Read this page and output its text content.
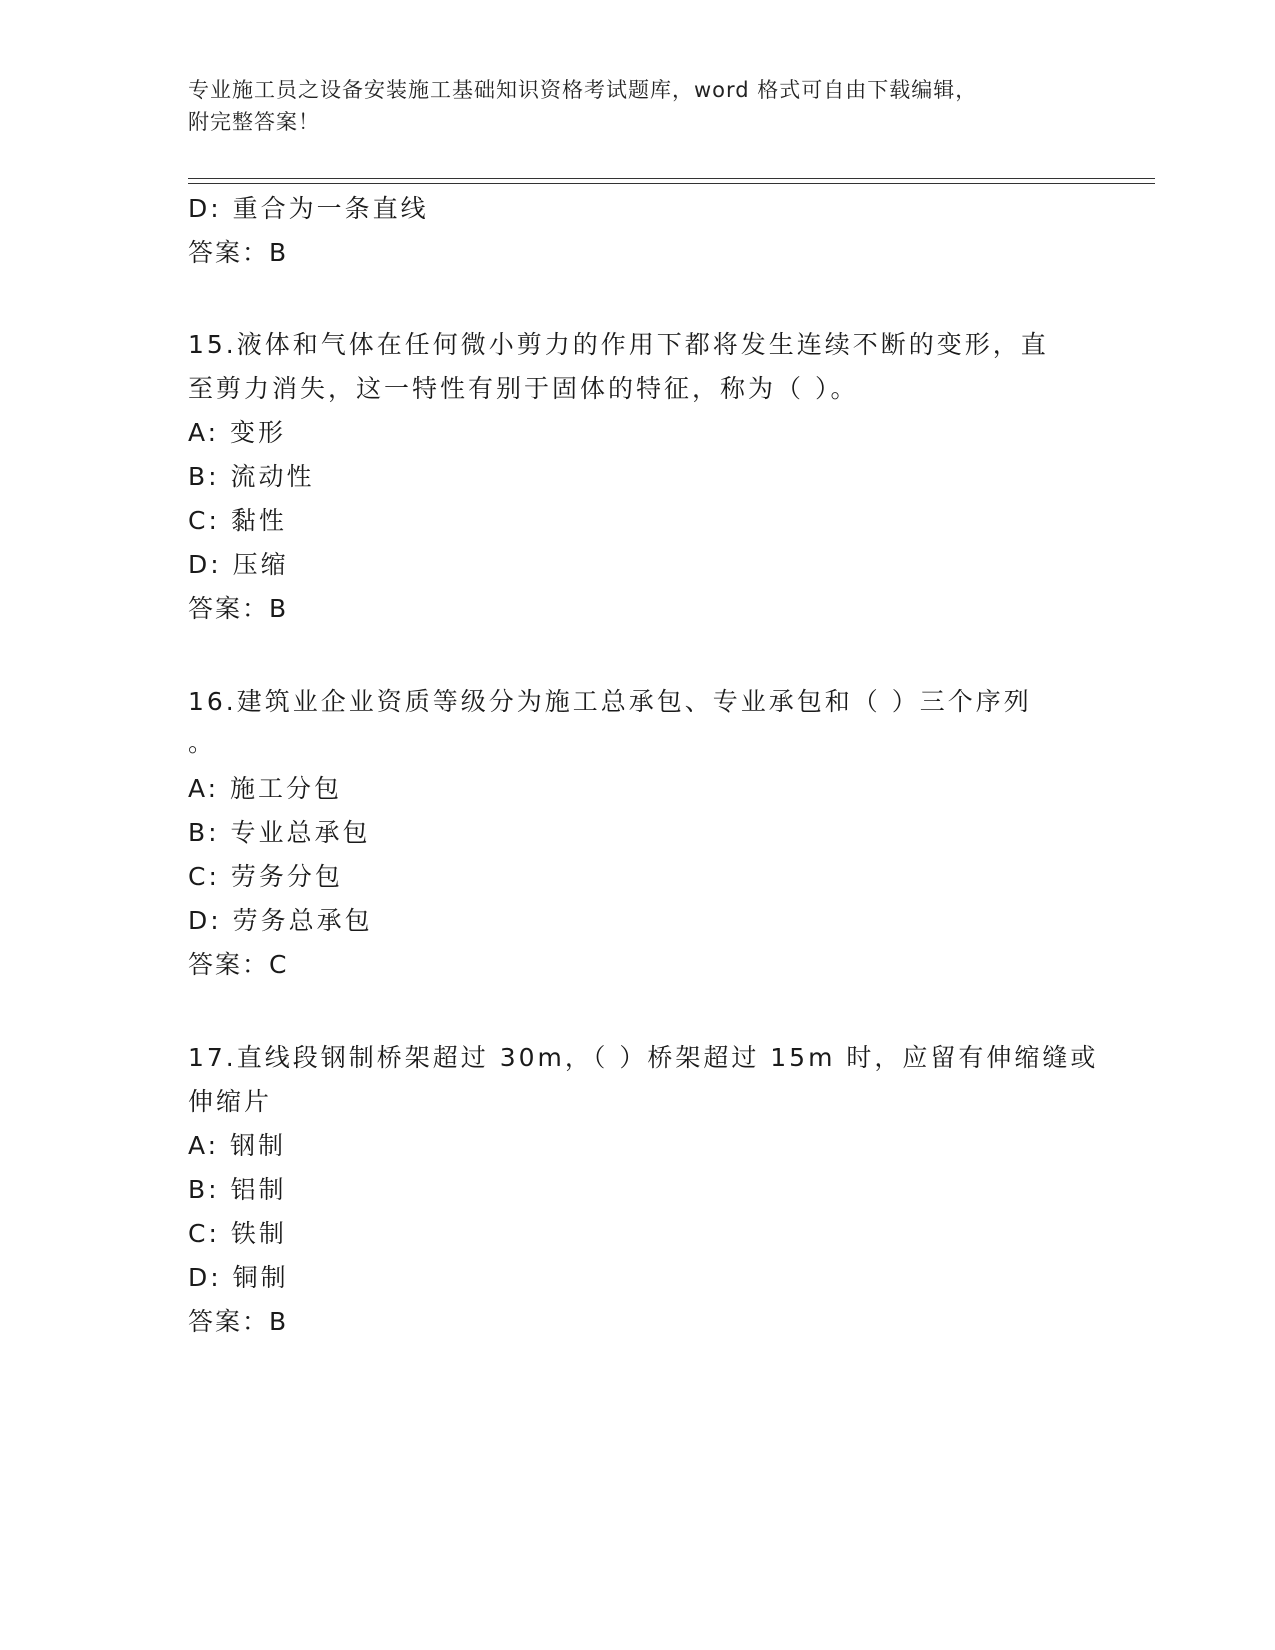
专业施工员之设备安装施工基础知识资格考试题库，word 格式可自由下载编辑，
附完整答案！
D: 重合为一条直线
答案：B
15.液体和气体在任何微小剪力的作用下都将发生连续不断的变形，直
至剪力消失，这一特性有别于固体的特征，称为（ ）。
A: 变形
B: 流动性
C: 黏性
D: 压缩
答案：B
16.建筑业企业资质等级分为施工总承包、专业承包和（ ）三个序列
。
A: 施工分包
B: 专业总承包
C: 劳务分包
D: 劳务总承包
答案：C
17.直线段钢制桥架超过 30m，（ ）桥架超过 15m 时，应留有伸缩缝或
伸缩片
A: 钢制
B: 铝制
C: 铁制
D: 铜制
答案：B
